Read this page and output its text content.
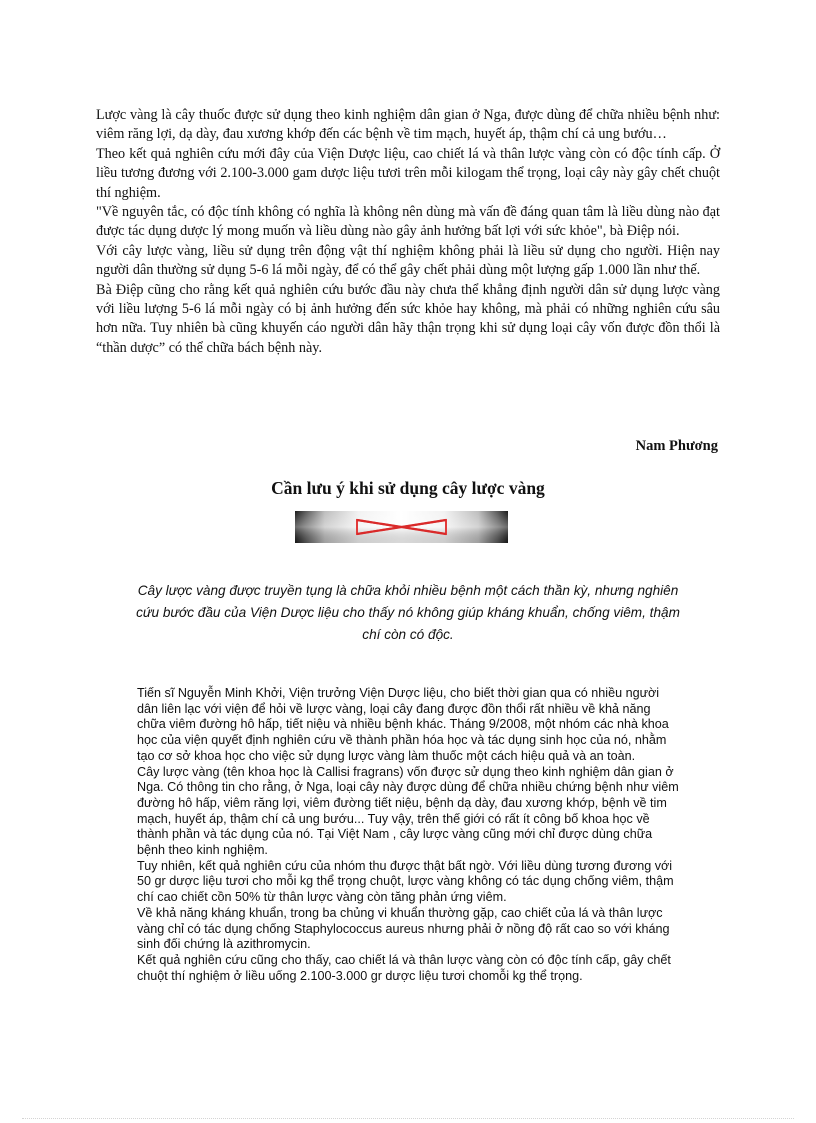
Lược vàng là cây thuốc được sử dụng theo kinh nghiệm dân gian ở Nga, được dùng để chữa nhiều bệnh như: viêm răng lợi, dạ dày, đau xương khớp đến các bệnh về tim mạch, huyết áp, thậm chí cả ung bướu…

Theo kết quả nghiên cứu mới đây của Viện Dược liệu, cao chiết lá và thân lược vàng còn có độc tính cấp. Ở liều tương đương với 2.100-3.000 gam dược liệu tươi trên mỗi kilogam thể trọng, loại cây này gây chết chuột thí nghiệm.

"Về nguyên tắc, có độc tính không có nghĩa là không nên dùng mà vấn đề đáng quan tâm là liều dùng nào đạt được tác dụng dược lý mong muốn và liều dùng nào gây ảnh hưởng bất lợi với sức khỏe", bà Điệp nói.

Với cây lược vàng, liều sử dụng trên động vật thí nghiệm không phải là liều sử dụng cho người. Hiện nay người dân thường sử dụng 5-6 lá mỗi ngày, để có thể gây chết phải dùng một lượng gấp 1.000 lần như thế.

Bà Điệp cũng cho rằng kết quả nghiên cứu bước đầu này chưa thể khẳng định người dân sử dụng lược vàng với liều lượng 5-6 lá mỗi ngày có bị ảnh hưởng đến sức khỏe hay không, mà phải có những nghiên cứu sâu hơn nữa. Tuy nhiên bà cũng khuyến cáo người dân hãy thận trọng khi sử dụng loại cây vốn được đồn thổi là “thần dược” có thể chữa bách bệnh này.

Nam Phương
Cần lưu ý khi sử dụng cây lược vàng
Cây lược vàng được truyền tụng là chữa khỏi nhiều bệnh một cách thần kỳ, nhưng nghiên cứu bước đầu của Viện Dược liệu cho thấy nó không giúp kháng khuẩn, chống viêm, thậm chí còn có độc.

Tiến sĩ Nguyễn Minh Khởi, Viện trưởng Viện Dược liệu, cho biết thời gian qua có nhiều người dân liên lạc với viện để hỏi về lược vàng, loại cây đang được đồn thổi rất nhiều về khả năng chữa viêm đường hô hấp, tiết niệu và nhiều bệnh khác. Tháng 9/2008, một nhóm các nhà khoa học của viện quyết định nghiên cứu về thành phần hóa học và tác dụng sinh học của nó, nhằm tạo cơ sở khoa học cho việc sử dụng lược vàng làm thuốc một cách hiệu quả và an toàn.

Cây lược vàng (tên khoa học là Callisi fragrans) vốn được sử dụng theo kinh nghiệm dân gian ở Nga. Có thông tin cho rằng, ở Nga, loại cây này được dùng để chữa nhiều chứng bệnh như viêm đường hô hấp, viêm răng lợi, viêm đường tiết niệu, bệnh dạ dày, đau xương khớp, bệnh về tim mạch, huyết áp, thậm chí cả ung bướu... Tuy vậy, trên thế giới có rất ít công bố khoa học về thành phần và tác dụng của nó. Tại Việt Nam , cây lược vàng cũng mới chỉ được dùng chữa bệnh theo kinh nghiệm.

Tuy nhiên, kết quả nghiên cứu của nhóm thu được thật bất ngờ. Với liều dùng tương đương với 50 gr dược liệu tươi cho mỗi kg thể trọng chuột, lược vàng không có tác dụng chống viêm, thậm chí cao chiết cồn 50% từ thân lược vàng còn tăng phản ứng viêm.

Về khả năng kháng khuẩn, trong ba chủng vi khuẩn thường gặp, cao chiết của lá và thân lược vàng chỉ có tác dụng chống Staphylococcus aureus nhưng phải ở nồng độ rất cao so với kháng sinh đối chứng là azithromycin.

Kết quả nghiên cứu cũng cho thấy, cao chiết lá và thân lược vàng còn có độc tính cấp, gây chết chuột thí nghiệm ở liều uống 2.100-3.000 gr dược liệu tươi chomỗi kg thể trọng.
